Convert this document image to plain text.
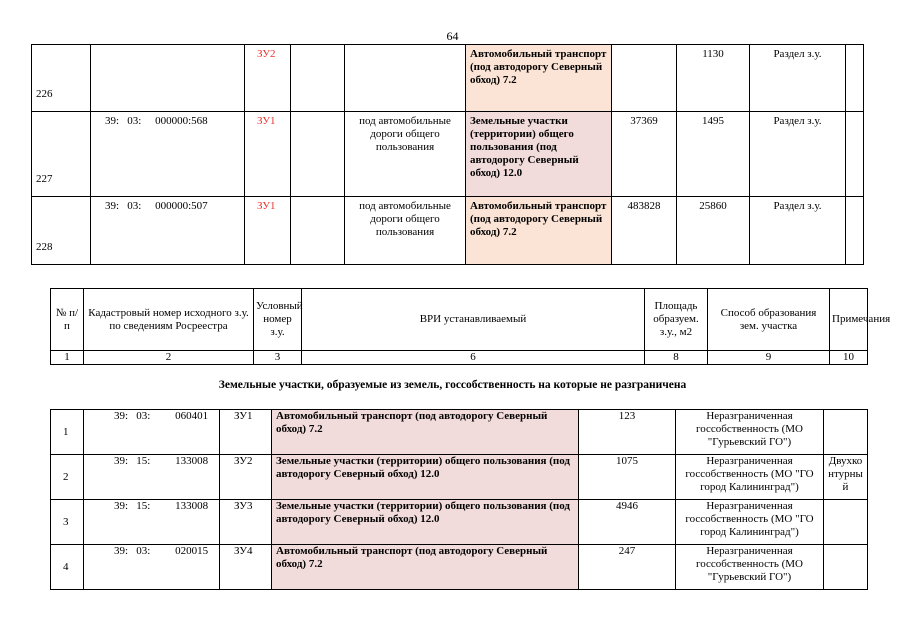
64
226		ЗУ2			Автомобильный транспорт (под автодорогу Северный обход) 7.2		1130	Раздел з.у.	
227	39:   03:     000000:568	ЗУ1		под автомобильные дороги общего пользования	Земельные участки (территории) общего пользования (под автодорогу Северный обход) 12.0	37369	1495	Раздел з.у.	
228	39:   03:     000000:507	ЗУ1		под автомобильные дороги общего пользования	Автомобильный транспорт (под автодорогу Северный обход) 7.2	483828	25860	Раздел з.у.	
№ п/п	Кадастровый номер исходного з.у. по сведениям Росреестра	Условный номер з.у.	ВРИ устанавливаемый	Площадь образуем. з.у., м2	Способ образования зем. участка	Примечания
1	2	3	6	8	9	10
Земельные участки, образуемые из земель, госсобственность на которые не разграничена
1	39:   03:         060401	ЗУ1	Автомобильный транспорт (под автодорогу Северный обход) 7.2	123	Неразграниченная госсобственность (МО "Гурьевский ГО")	
2	39:   15:         133008	ЗУ2	Земельные участки (территории) общего пользования (под автодорогу Северный обход) 12.0	1075	Неразграниченная госсобственность (МО "ГО город Калининград")	Двухконтурный
3	39:   15:         133008	ЗУ3	Земельные участки (территории) общего пользования (под автодорогу Северный обход) 12.0	4946	Неразграниченная госсобственность (МО "ГО город Калининград")	
4	39:   03:         020015	ЗУ4	Автомобильный транспорт (под автодорогу Северный обход) 7.2	247	Неразграниченная госсобственность (МО "Гурьевский ГО")	
